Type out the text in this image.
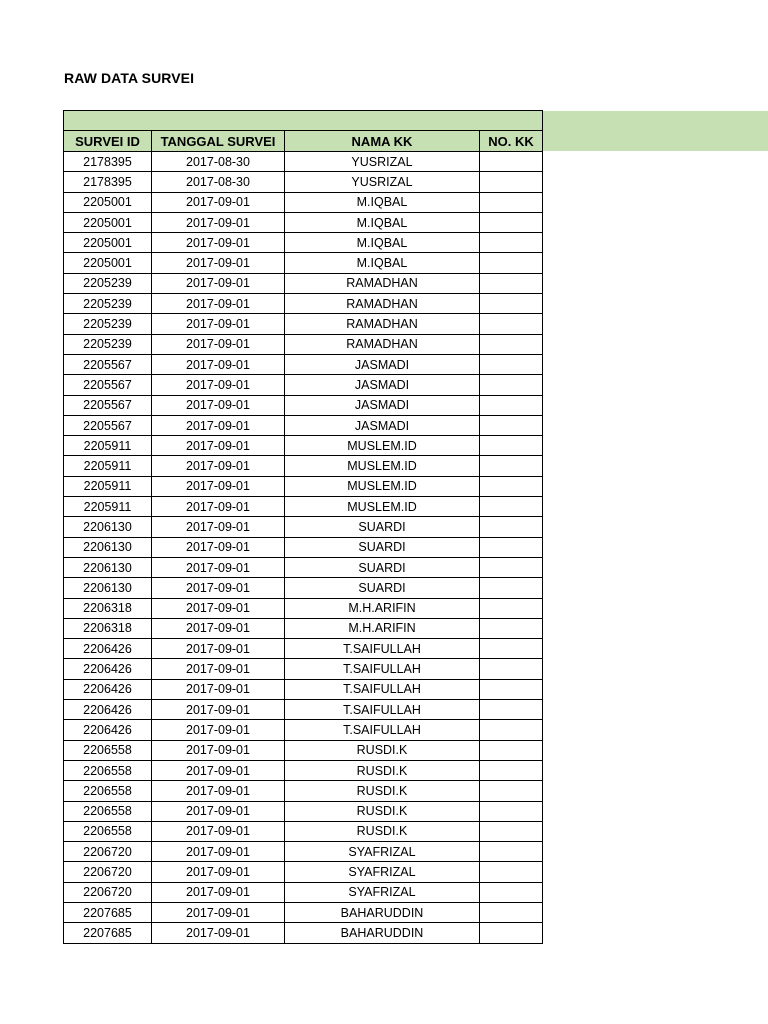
RAW DATA SURVEI

SURVEI ID	TANGGAL SURVEI	NAMA KK	NO. KK
2178395	2017-08-30	YUSRIZAL	
2178395	2017-08-30	YUSRIZAL	
2205001	2017-09-01	M.IQBAL	
2205001	2017-09-01	M.IQBAL	
2205001	2017-09-01	M.IQBAL	
2205001	2017-09-01	M.IQBAL	
2205239	2017-09-01	RAMADHAN	
2205239	2017-09-01	RAMADHAN	
2205239	2017-09-01	RAMADHAN	
2205239	2017-09-01	RAMADHAN	
2205567	2017-09-01	JASMADI	
2205567	2017-09-01	JASMADI	
2205567	2017-09-01	JASMADI	
2205567	2017-09-01	JASMADI	
2205911	2017-09-01	MUSLEM.ID	
2205911	2017-09-01	MUSLEM.ID	
2205911	2017-09-01	MUSLEM.ID	
2205911	2017-09-01	MUSLEM.ID	
2206130	2017-09-01	SUARDI	
2206130	2017-09-01	SUARDI	
2206130	2017-09-01	SUARDI	
2206130	2017-09-01	SUARDI	
2206318	2017-09-01	M.H.ARIFIN	
2206318	2017-09-01	M.H.ARIFIN	
2206426	2017-09-01	T.SAIFULLAH	
2206426	2017-09-01	T.SAIFULLAH	
2206426	2017-09-01	T.SAIFULLAH	
2206426	2017-09-01	T.SAIFULLAH	
2206426	2017-09-01	T.SAIFULLAH	
2206558	2017-09-01	RUSDI.K	
2206558	2017-09-01	RUSDI.K	
2206558	2017-09-01	RUSDI.K	
2206558	2017-09-01	RUSDI.K	
2206558	2017-09-01	RUSDI.K	
2206720	2017-09-01	SYAFRIZAL	
2206720	2017-09-01	SYAFRIZAL	
2206720	2017-09-01	SYAFRIZAL	
2207685	2017-09-01	BAHARUDDIN	
2207685	2017-09-01	BAHARUDDIN	
